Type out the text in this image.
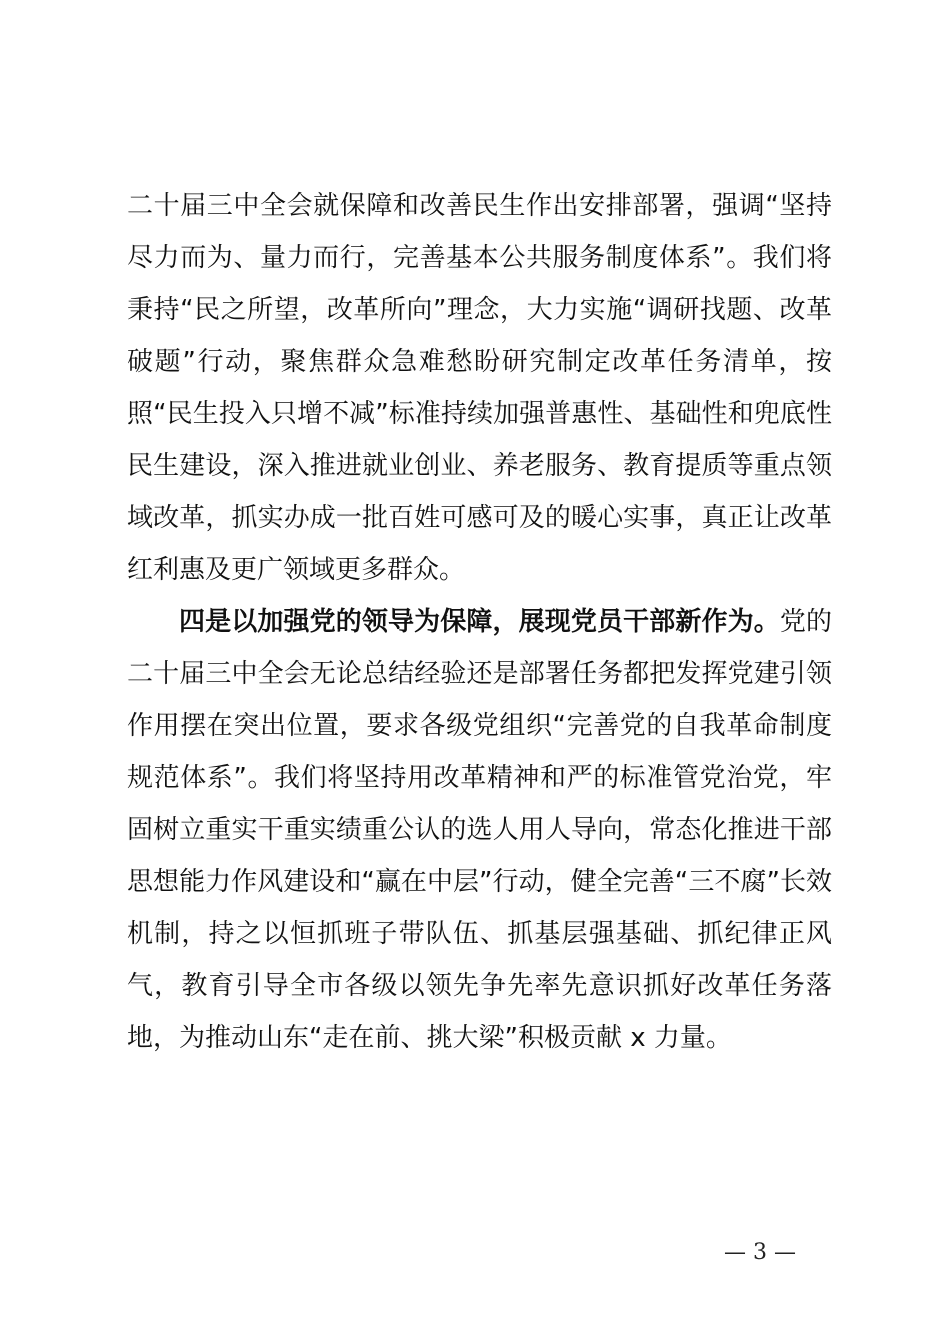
二十届三中全会就保障和改善民生作出安排部署，强调“坚持尽力而为、量力而行，完善基本公共服务制度体系”。我们将秉持“民之所望，改革所向”理念，大力实施“调研找题、改革破题”行动，聚焦群众急难愁盼研究制定改革任务清单，按照“民生投入只增不减”标准持续加强普惠性、基础性和兜底性民生建设，深入推进就业创业、养老服务、教育提质等重点领域改革，抓实办成一批百姓可感可及的暖心实事，真正让改革红利惠及更广领域更多群众。

四是以加强党的领导为保障，展现党员干部新作为。党的二十届三中全会无论总结经验还是部署任务都把发挥党建引领作用摆在突出位置，要求各级党组织“完善党的自我革命制度规范体系”。我们将坚持用改革精神和严的标准管党治党，牢固树立重实干重实绩重公认的选人用人导向，常态化推进干部思想能力作风建设和“赢在中层”行动，健全完善“三不腐”长效机制，持之以恒抓班子带队伍、抓基层强基础、抓纪律正风气，教育引导全市各级以领先争先率先意识抓好改革任务落地，为推动山东“走在前、挑大梁”积极贡献 x 力量。

— 3 —
